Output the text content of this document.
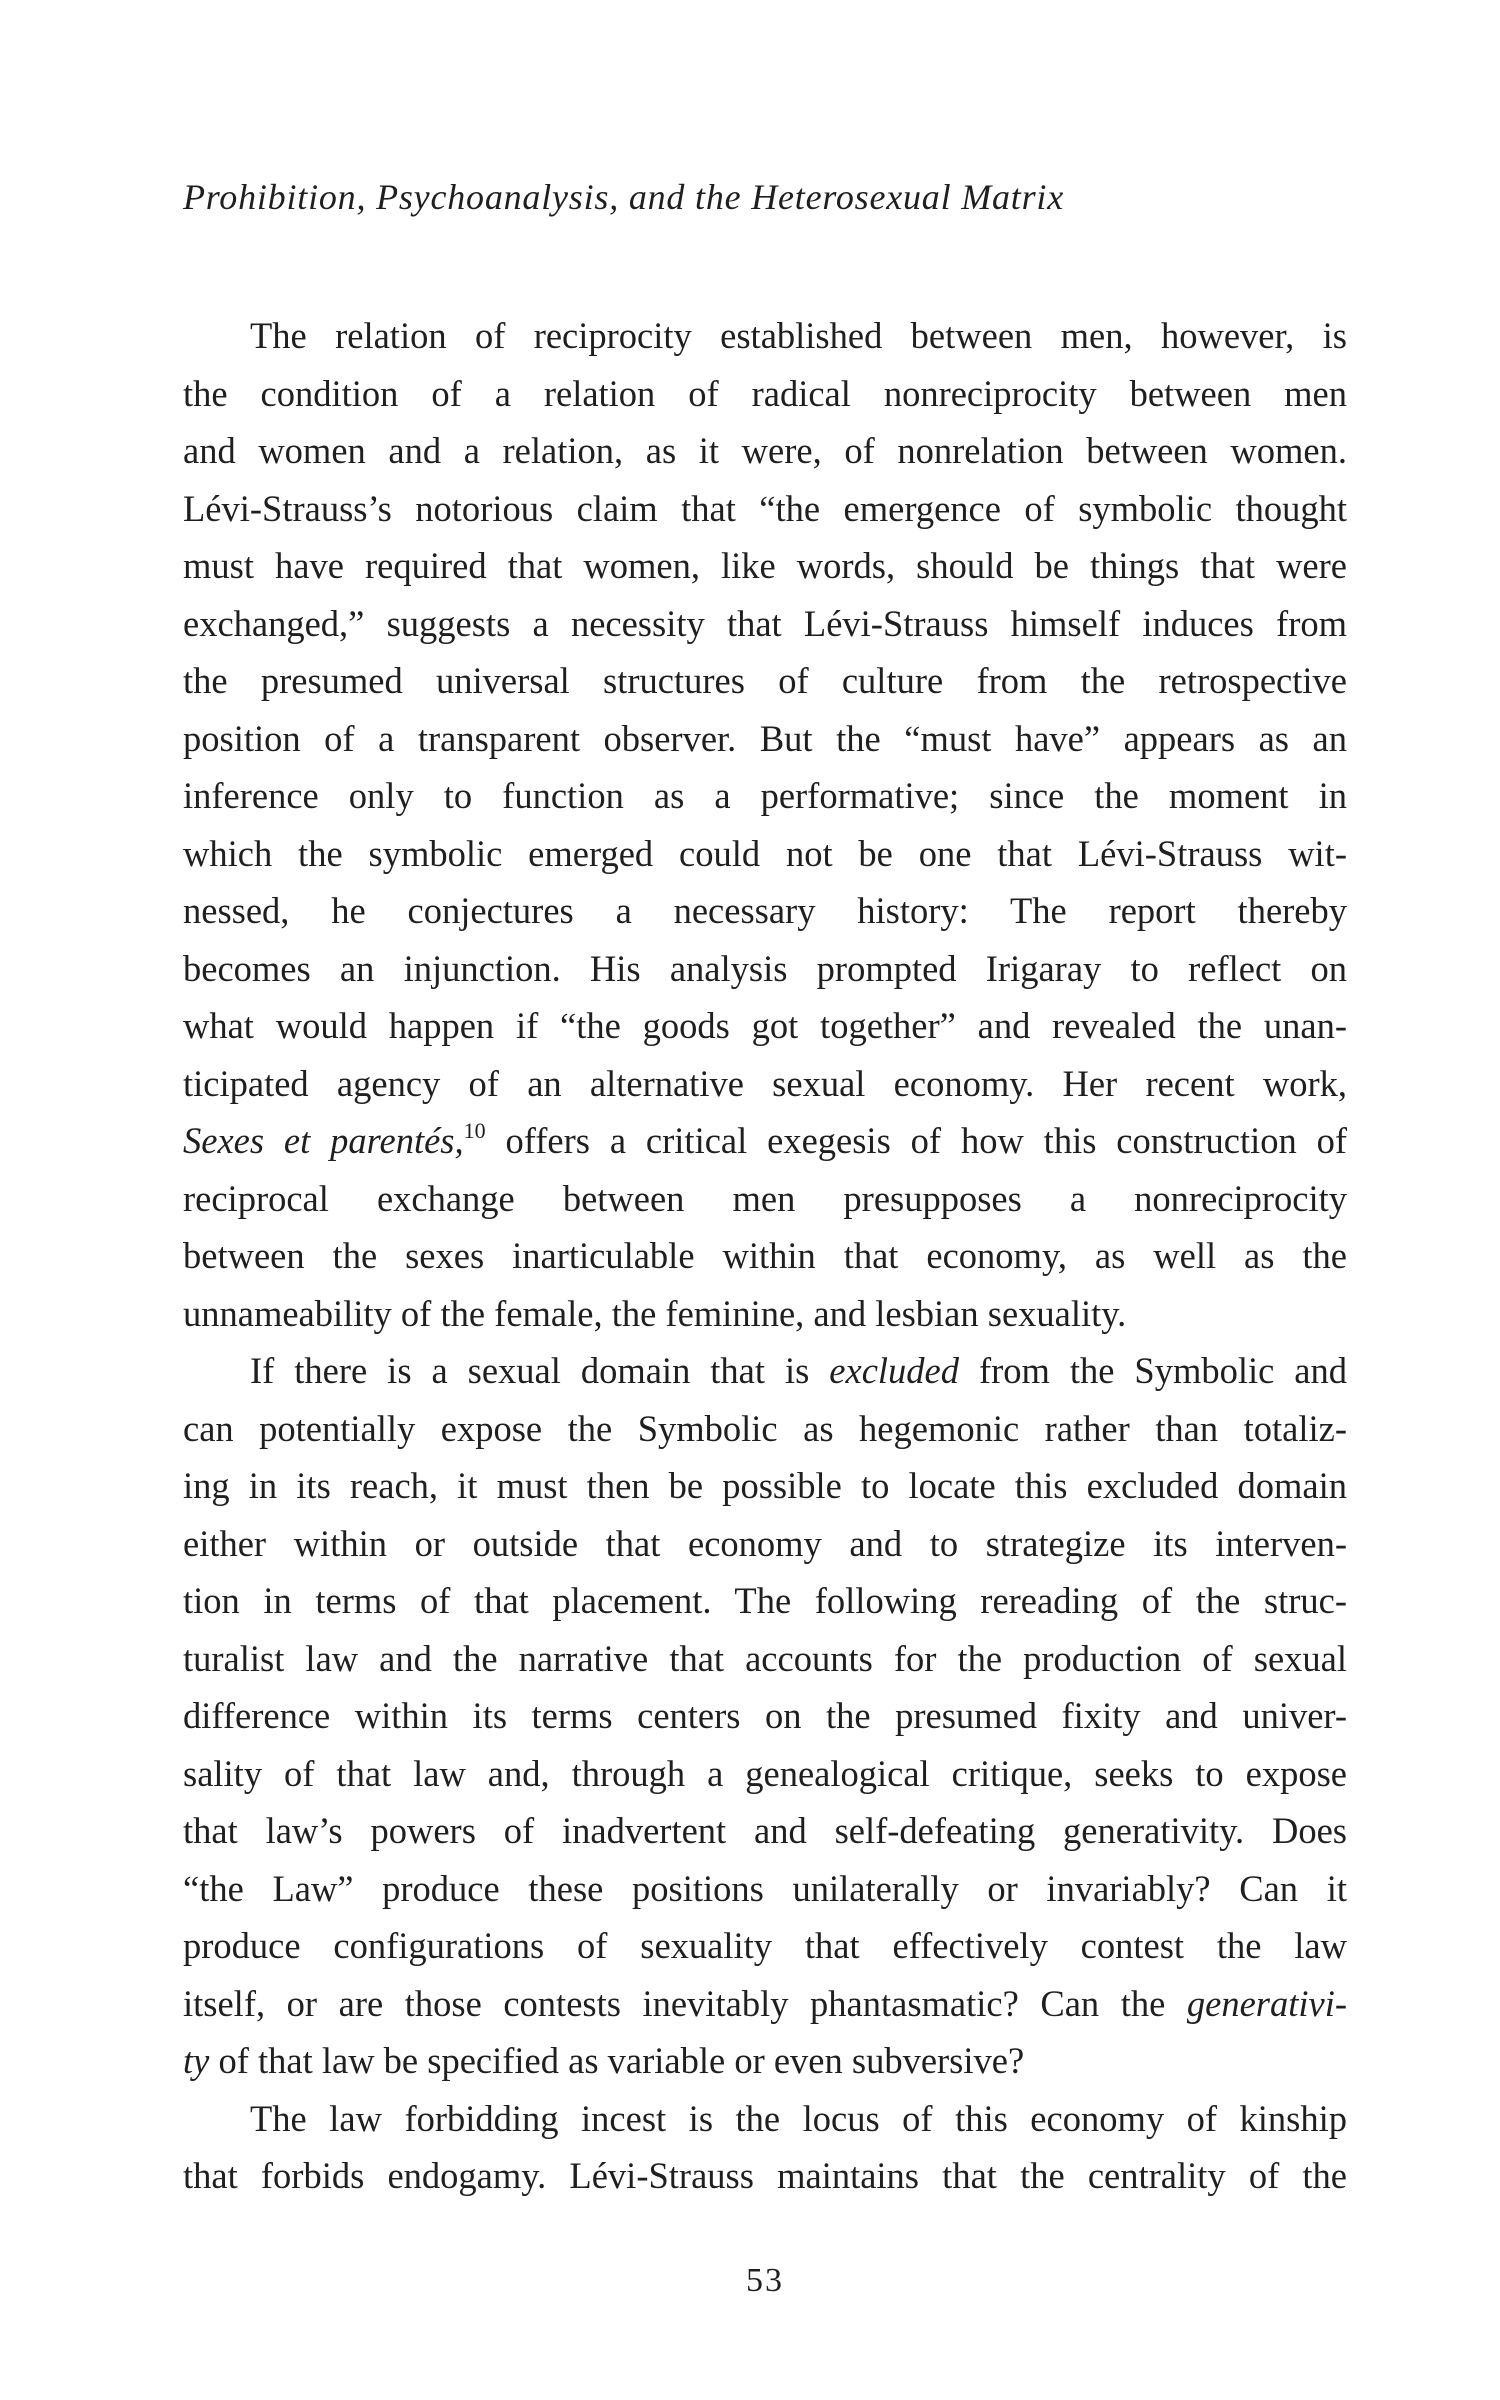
Prohibition, Psychoanalysis, and the Heterosexual Matrix

The relation of reciprocity established between men, however, is
the condition of a relation of radical nonreciprocity between men
and women and a relation, as it were, of nonrelation between women.
Lévi-Strauss’s notorious claim that “the emergence of symbolic thought
must have required that women, like words, should be things that were
exchanged,” suggests a necessity that Lévi-Strauss himself induces from
the presumed universal structures of culture from the retrospective
position of a transparent observer. But the “must have” appears as an
inference only to function as a performative; since the moment in
which the symbolic emerged could not be one that Lévi-Strauss wit-
nessed, he conjectures a necessary history: The report thereby
becomes an injunction. His analysis prompted Irigaray to reflect on
what would happen if “the goods got together” and revealed the unan-
ticipated agency of an alternative sexual economy. Her recent work,
Sexes et parentés,$^{10}$ offers a critical exegesis of how this construction of
reciprocal exchange between men presupposes a nonreciprocity
between the sexes inarticulable within that economy, as well as the
unnameability of the female, the feminine, and lesbian sexuality.

If there is a sexual domain that is excluded from the Symbolic and
can potentially expose the Symbolic as hegemonic rather than totaliz-
ing in its reach, it must then be possible to locate this excluded domain
either within or outside that economy and to strategize its interven-
tion in terms of that placement. The following rereading of the struc-
turalist law and the narrative that accounts for the production of sexual
difference within its terms centers on the presumed fixity and univer-
sality of that law and, through a genealogical critique, seeks to expose
that law’s powers of inadvertent and self-defeating generativity. Does
“the Law” produce these positions unilaterally or invariably? Can it
produce configurations of sexuality that effectively contest the law
itself, or are those contests inevitably phantasmatic? Can the generativi-
ty of that law be specified as variable or even subversive?

The law forbidding incest is the locus of this economy of kinship
that forbids endogamy. Lévi-Strauss maintains that the centrality of the

53
